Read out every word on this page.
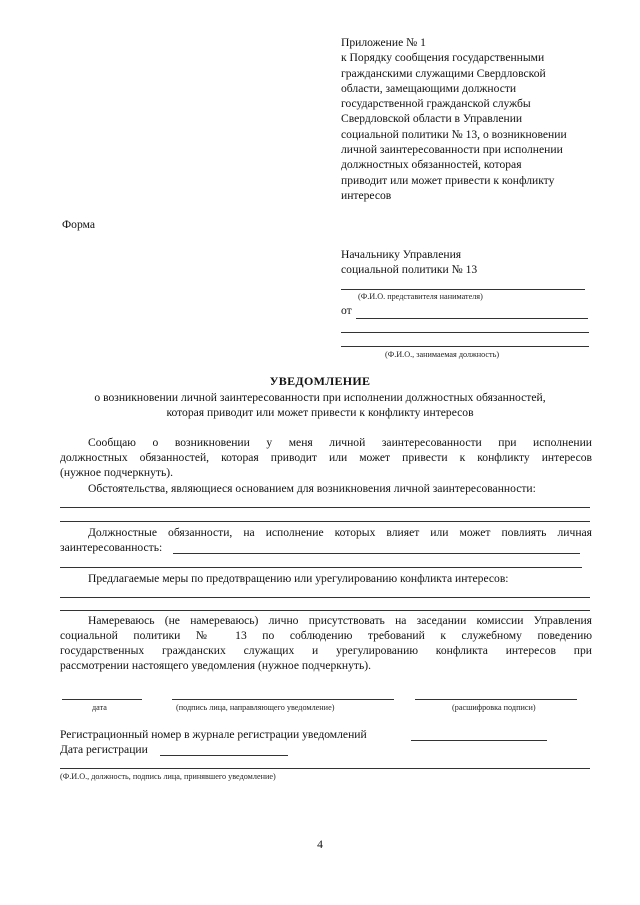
Приложение № 1
к Порядку сообщения государственными
гражданскими служащими Свердловской
области, замещающими должности
государственной гражданской службы
Свердловской области в Управлении
социальной политики № 13, о возникновении
личной заинтересованности при исполнении
должностных обязанностей, которая
приводит или может привести к конфликту
интересов
Форма
Начальнику Управления
социальной политики № 13
(Ф.И.О. представителя нанимателя)
от
(Ф.И.О., занимаемая должность)
УВЕДОМЛЕНИЕ
о возникновении личной заинтересованности при исполнении должностных обязанностей,
которая приводит или может привести к конфликту интересов
Сообщаю о возникновении у меня личной заинтересованности при исполнении
должностных обязанностей, которая приводит или может привести к конфликту интересов
(нужное подчеркнуть).
Обстоятельства, являющиеся основанием для возникновения личной заинтересованности:
Должностные обязанности, на исполнение которых влияет или может повлиять личная
заинтересованность:
Предлагаемые меры по предотвращению или урегулированию конфликта интересов:
Намереваюсь (не намереваюсь) лично присутствовать на заседании комиссии Управления
социальной политики № 13 по соблюдению требований к служебному поведению
государственных гражданских служащих и урегулированию конфликта интересов при
рассмотрении настоящего уведомления (нужное подчеркнуть).
дата	(подпись лица, направляющего уведомление)	(расшифровка подписи)
Регистрационный номер в журнале регистрации уведомлений
Дата регистрации
(Ф.И.О., должность, подпись лица, принявшего уведомление)
4
